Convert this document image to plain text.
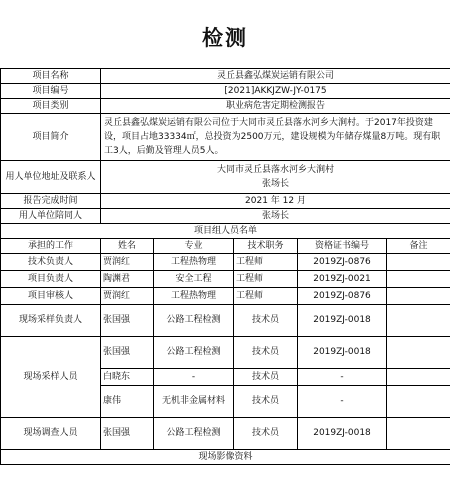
检测
项目名称	灵丘县鑫弘煤炭运销有限公司				
项目编号	[2021]AKKJZW-JY-0175				
项目类别	职业病危害定期检测报告				
项目简介	灵丘县鑫弘煤炭运销有限公司位于大同市灵丘县落水河乡大涧村。于2017年投资建设，项目占地33334㎡，总投资为2500万元，建设规模为年储存煤量8万吨。现有职工3人，后勤及管理人员5人。				
用人单位地址及联系人	大同市灵丘县落水河乡大涧村
张场长				

报告完成时间	2021 年 12 月				
用人单位陪同人	张场长				
项目组人员名单					
承担的工作	姓名	专业	技术职务	资格证书编号	备注
技术负责人	贾润红	工程热物理	工程师	2019ZJ-0876	
项目负责人	陶渊君	安全工程	工程师	2019ZJ-0021	
项目审核人	贾润红	工程热物理	工程师	2019ZJ-0876	
现场采样负责人	张国强	公路工程检测	技术员	2019ZJ-0018	
现场采样人员	张国强	公路工程检测	技术员	2019ZJ-0018	
	白晓东	-	技术员	-	
	康伟	无机非金属材料	技术员	-	
现场调查人员	张国强	公路工程检测	技术员	2019ZJ-0018	
现场影像资料					
